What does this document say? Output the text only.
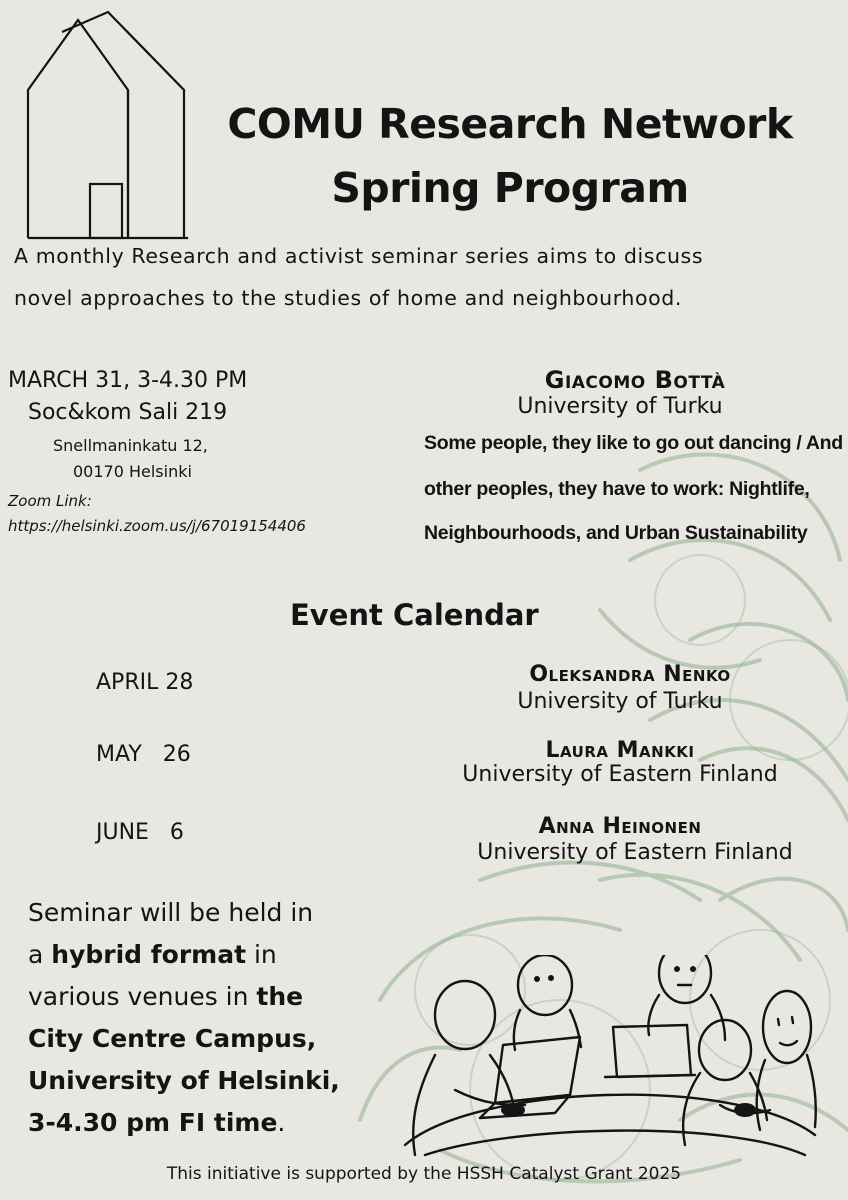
COMU Research Network
Spring Program
A monthly Research and activist seminar series aims to discuss
novel approaches to the studies of home and neighbourhood.
MARCH 31, 3-4.30 PM
Soc&kom Sali 219
Snellmaninkatu 12,
00170 Helsinki
Zoom Link:
https://helsinki.zoom.us/j/67019154406
Giacomo Bottà
University of Turku
Some people, they like to go out dancing / And
other peoples, they have to work: Nightlife,
Neighbourhoods, and Urban Sustainability
Event Calendar
APRIL 28	Oleksandra Nenko
University of Turku
MAY   26	Laura Mankki
University of Eastern Finland
JUNE   6	Anna Heinonen
University of Eastern Finland
Seminar will be held in
a hybrid format in
various venues in the
City Centre Campus,
University of Helsinki,
3-4.30 pm FI time.
This initiative is supported by the HSSH Catalyst Grant 2025
